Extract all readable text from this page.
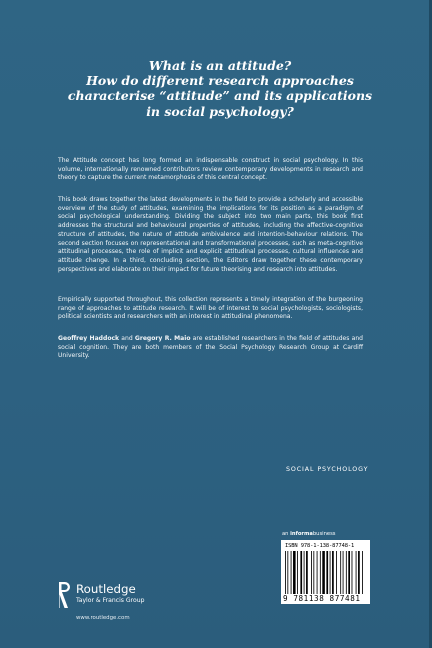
What is an attitude?
How do different research approaches
characterise “attitude” and its applications
in social psychology?

The Attitude concept has long formed an indispensable construct in social psychology. In this volume, internationally renowned contributors review contemporary developments in research and theory to capture the current metamorphosis of this central concept.

This book draws together the latest developments in the field to provide a scholarly and accessible overview of the study of attitudes, examining the implications for its position as a paradigm of social psychological understanding. Dividing the subject into two main parts, this book first addresses the structural and behavioural properties of attitudes, including the affective-cognitive structure of attitudes, the nature of attitude ambivalence and intention-behaviour relations. The second section focuses on representational and transformational processes, such as meta-cognitive attitudinal processes, the role of implicit and explicit attitudinal processes, cultural influences and attitude change. In a third, concluding section, the Editors draw together these contemporary perspectives and elaborate on their impact for future theorising and research into attitudes.

Empirically supported throughout, this collection represents a timely integration of the burgeoning range of approaches to attitude research. It will be of interest to social psychologists, sociologists, political scientists and researchers with an interest in attitudinal phenomena.

Geoffrey Haddock and Gregory R. Maio are established researchers in the field of attitudes and social cognition. They are both members of the Social Psychology Research Group at Cardiff University.

SOCIAL PSYCHOLOGY
an informabusiness
ISBN 978-1-138-87748-1
9 781138 877481
Routledge
Taylor & Francis Group
www.routledge.com
